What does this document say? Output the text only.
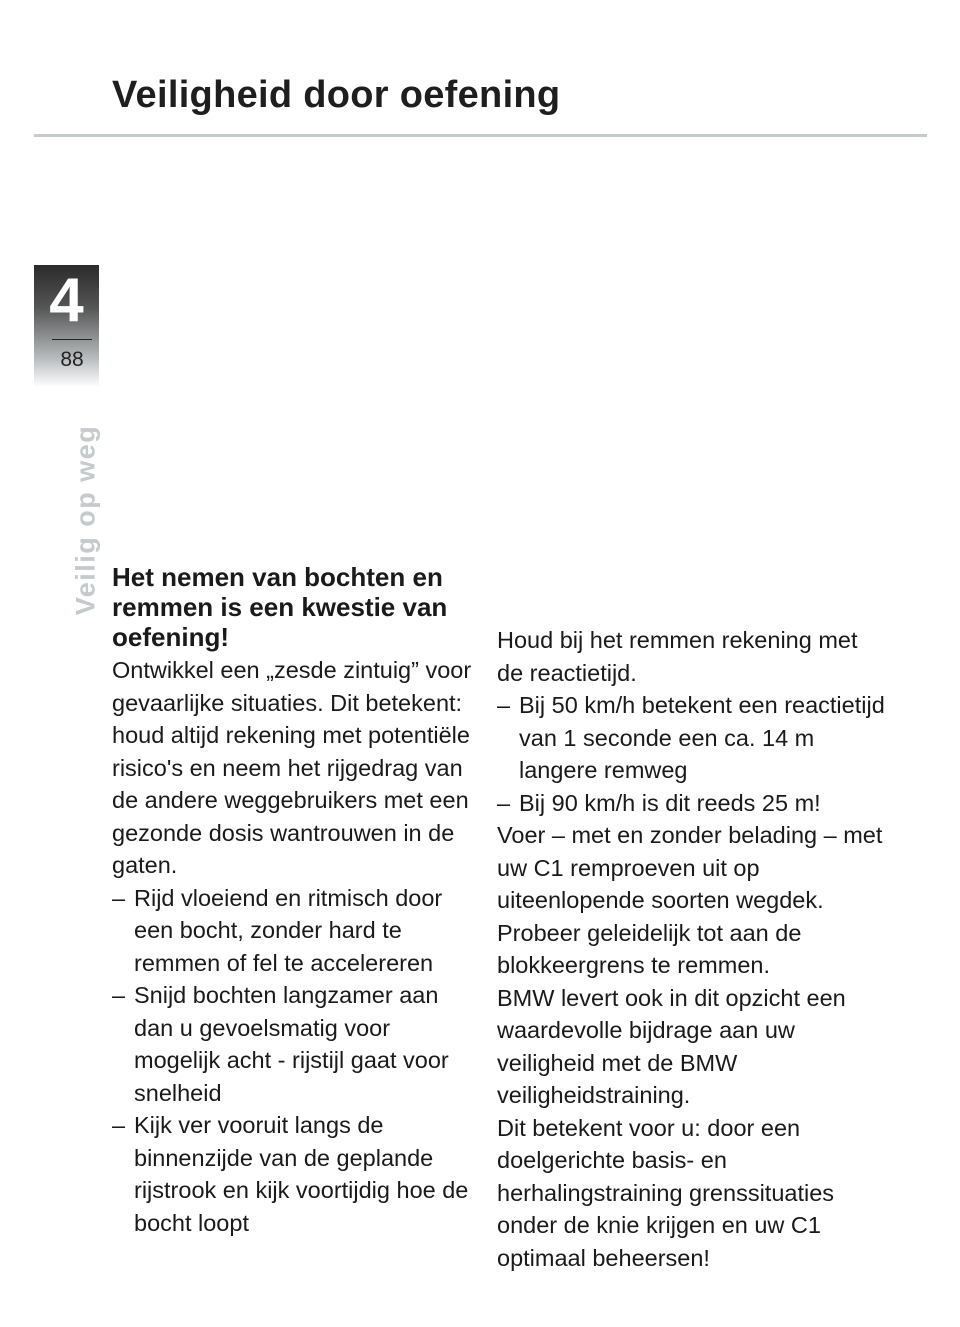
Veiligheid door oefening
4
88
Veilig op weg Het nemen van bochten en remmen is een kwestie van oefening!

Ontwikkel een „zesde zintuig” voor gevaarlijke situaties. Dit betekent: houd altijd rekening met potentiële risico's en neem het rijgedrag van de andere weggebruikers met een gezonde dosis wantrouwen in de gaten.

– Rijd vloeiend en ritmisch door een bocht, zonder hard te remmen of fel te accelereren
– Snijd bochten langzamer aan dan u gevoelsmatig voor mogelijk acht - rijstijl gaat voor snelheid
– Kijk ver vooruit langs de binnenzijde van de geplande rijstrook en kijk voortijdig hoe de bocht loopt

Houd bij het remmen rekening met de reactietijd.

– Bij 50 km/h betekent een reactietijd van 1 seconde een ca. 14 m langere remweg
– Bij 90 km/h is dit reeds 25 m!

Voer – met en zonder belading – met uw C1 remproeven uit op uiteenlopende soorten wegdek. Probeer geleidelijk tot aan de blokkeergrens te remmen.

BMW levert ook in dit opzicht een waardevolle bijdrage aan uw veiligheid met de BMW veiligheidstraining.

Dit betekent voor u: door een doelgerichte basis- en herhalingstraining grenssituaties onder de knie krijgen en uw C1 optimaal beheersen!
